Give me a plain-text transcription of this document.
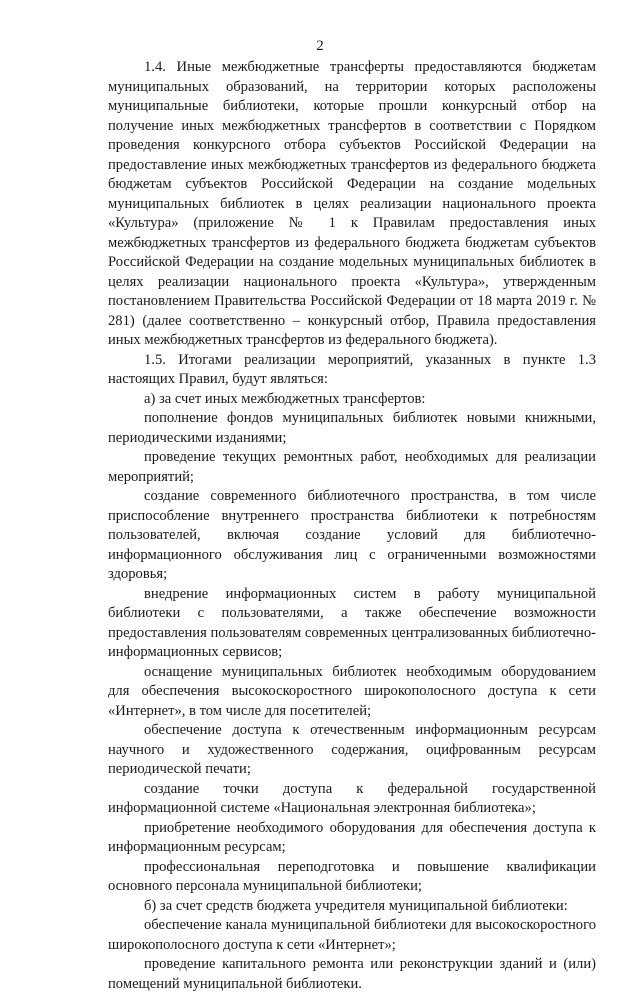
2

1.4. Иные межбюджетные трансферты предоставляются бюджетам муниципальных образований, на территории которых расположены муниципальные библиотеки, которые прошли конкурсный отбор на получение иных межбюджетных трансфертов в соответствии с Порядком проведения конкурсного отбора субъектов Российской Федерации на предоставление иных межбюджетных трансфертов из федерального бюджета бюджетам субъектов Российской Федерации на создание модельных муниципальных библиотек в целях реализации национального проекта «Культура» (приложение № 1 к Правилам предоставления иных межбюджетных трансфертов из федерального бюджета бюджетам субъектов Российской Федерации на создание модельных муниципальных библиотек в целях реализации национального проекта «Культура», утвержденным постановлением Правительства Российской Федерации от 18 марта 2019 г. № 281) (далее соответственно – конкурсный отбор, Правила предоставления иных межбюджетных трансфертов из федерального бюджета).

1.5. Итогами реализации мероприятий, указанных в пункте 1.3 настоящих Правил, будут являться:

а) за счет иных межбюджетных трансфертов:

пополнение фондов муниципальных библиотек новыми книжными, периодическими изданиями;

проведение текущих ремонтных работ, необходимых для реализации мероприятий;

создание современного библиотечного пространства, в том числе приспособление внутреннего пространства библиотеки к потребностям пользователей, включая создание условий для библиотечно-информационного обслуживания лиц с ограниченными возможностями здоровья;

внедрение информационных систем в работу муниципальной библиотеки с пользователями, а также обеспечение возможности предоставления пользователям современных централизованных библиотечно-информационных сервисов;

оснащение муниципальных библиотек необходимым оборудованием для обеспечения высокоскоростного широкополосного доступа к сети «Интернет», в том числе для посетителей;

обеспечение доступа к отечественным информационным ресурсам научного и художественного содержания, оцифрованным ресурсам периодической печати;

создание точки доступа к федеральной государственной информационной системе «Национальная электронная библиотека»;

приобретение необходимого оборудования для обеспечения доступа к информационным ресурсам;

профессиональная переподготовка и повышение квалификации основного персонала муниципальной библиотеки;

б) за счет средств бюджета учредителя муниципальной библиотеки:

обеспечение канала муниципальной библиотеки для высокоскоростного широкополосного доступа к сети «Интернет»;

проведение капитального ремонта или реконструкции зданий и (или) помещений муниципальной библиотеки.
